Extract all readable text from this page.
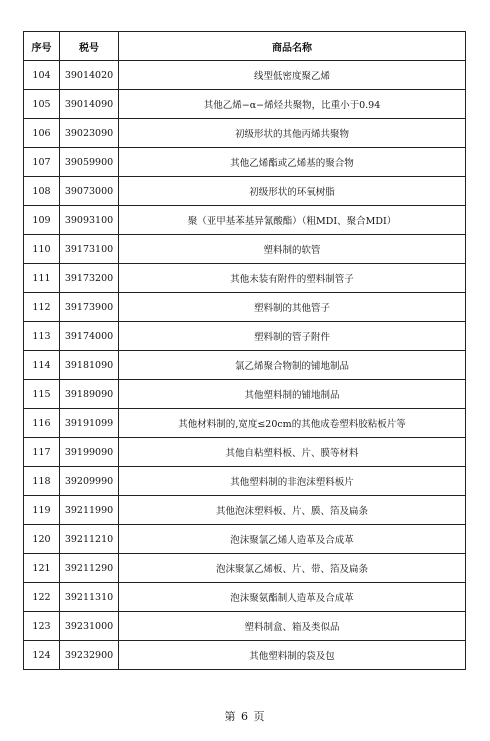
序号	税号	商品名称
104	39014020	线型低密度聚乙烯
105	39014090	其他乙烯−α−烯烃共聚物，比重小于0.94
106	39023090	初级形状的其他丙烯共聚物
107	39059900	其他乙烯酯或乙烯基的聚合物
108	39073000	初级形状的环氧树脂
109	39093100	聚（亚甲基苯基异氰酸酯）（粗MDI、聚合MDI）
110	39173100	塑料制的软管
111	39173200	其他未装有附件的塑料制管子
112	39173900	塑料制的其他管子
113	39174000	塑料制的管子附件
114	39181090	氯乙烯聚合物制的铺地制品
115	39189090	其他塑料制的铺地制品
116	39191099	其他材料制的,宽度≤20cm的其他成卷塑料胶粘板片等
117	39199090	其他自粘塑料板、片、膜等材料
118	39209990	其他塑料制的非泡沫塑料板片
119	39211990	其他泡沫塑料板、片、膜、箔及扁条
120	39211210	泡沫聚氯乙烯人造革及合成革
121	39211290	泡沫聚氯乙烯板、片、带、箔及扁条
122	39211310	泡沫聚氨酯制人造革及合成革
123	39231000	塑料制盒、箱及类似品
124	39232900	其他塑料制的袋及包
第 6 页
